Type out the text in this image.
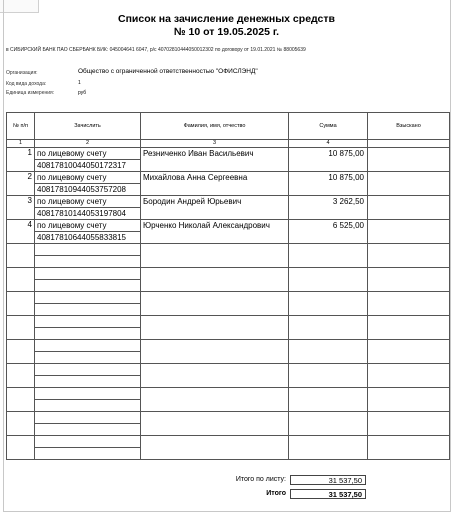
Список на зачисление денежных средств
№ 10 от 19.05.2025 г.
в СИБИРСКИЙ БАНК ПАО СБЕРБАНК БИК: 045004641 6047, р/с 40702810444050012302 по договору от 19.01.2021 № 88005639
Организация:	Общество с ограниченной ответственностью "ОФИСЛЭНД"
Код вида дохода:	1
Единица измерения:	руб
№ п/п	Зачислить	Фамилия, имя, отчество	Сумма	Взыскано
1	2	3	4	
1	по лицевому счету	Резниченко Иван Васильевич	10 875,00	
	40817810044050172317			
2	по лицевому счету	Михайлова Анна Сергеевна	10 875,00	
	40817810944053757208			
3	по лицевому счету	Бородин Андрей Юрьевич	3 262,50	
	40817810144053197804			
4	по лицевому счету	Юрченко Николай Александрович	6 525,00	
	40817810644055833815			

Итого по листу:	31 537,50
Итого	31 537,50
